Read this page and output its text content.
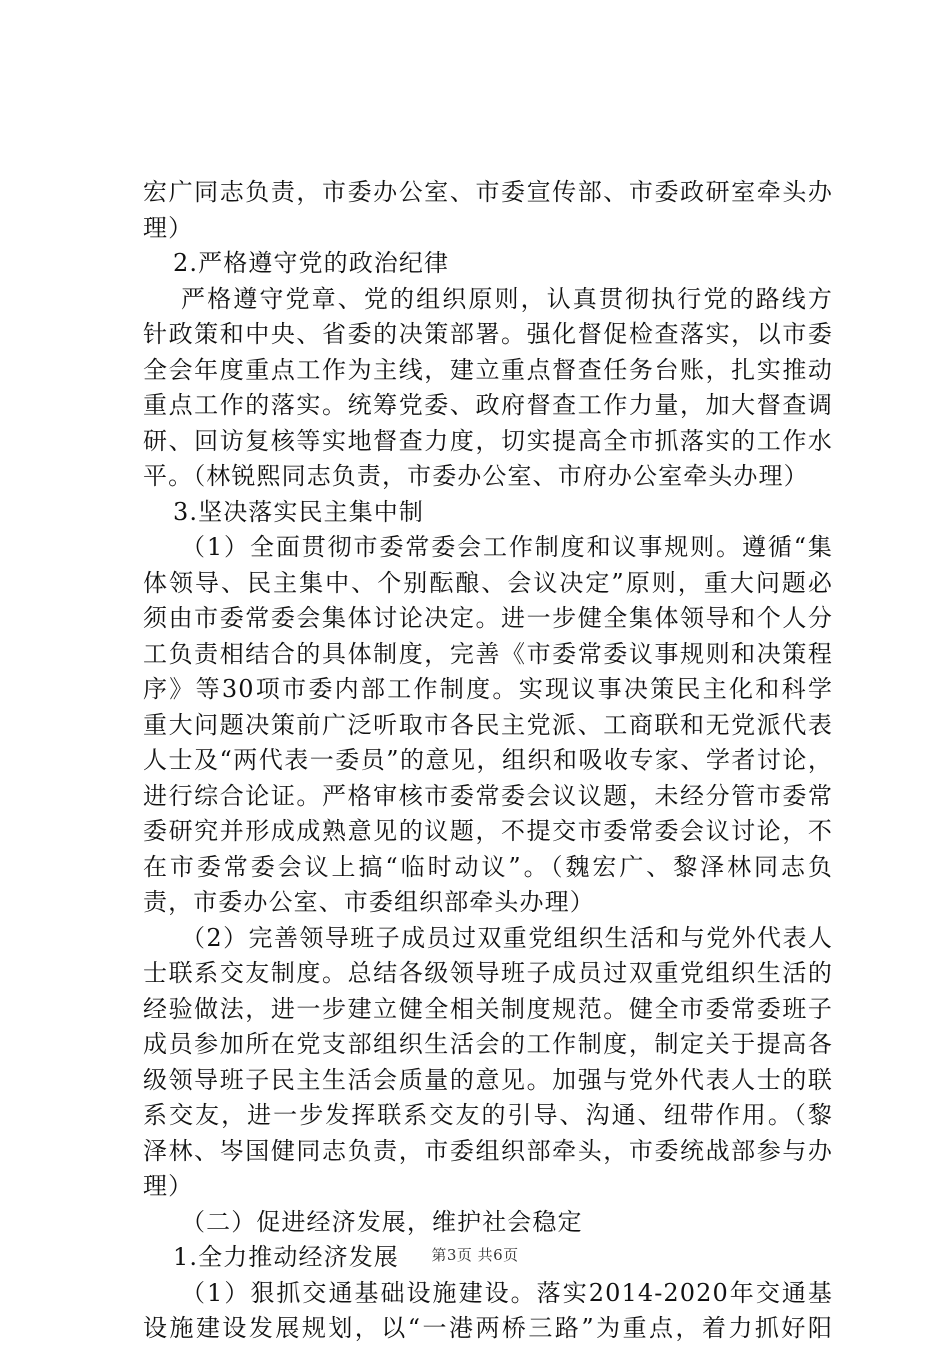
宏广同志负责，市委办公室、市委宣传部、市委政研室牵头办
理）
2.严格遵守党的政治纪律
严格遵守党章、党的组织原则，认真贯彻执行党的路线方
针政策和中央、省委的决策部署。强化督促检查落实，以市委
全会年度重点工作为主线，建立重点督查任务台账，扎实推动
重点工作的落实。统筹党委、政府督查工作力量，加大督查调
研、回访复核等实地督查力度，切实提高全市抓落实的工作水
平。（林锐熙同志负责，市委办公室、市府办公室牵头办理）
3.坚决落实民主集中制
（1）全面贯彻市委常委会工作制度和议事规则。遵循“集
体领导、民主集中、个别酝酿、会议决定”原则，重大问题必
须由市委常委会集体讨论决定。进一步健全集体领导和个人分
工负责相结合的具体制度，完善《市委常委议事规则和决策程
序》等30项市委内部工作制度。实现议事决策民主化和科学
重大问题决策前广泛听取市各民主党派、工商联和无党派代表
人士及“两代表一委员”的意见，组织和吸收专家、学者讨论，
进行综合论证。严格审核市委常委会议议题，未经分管市委常
委研究并形成成熟意见的议题，不提交市委常委会议讨论，不
在市委常委会议上搞“临时动议”。（魏宏广、黎泽林同志负
责，市委办公室、市委组织部牵头办理）
（2）完善领导班子成员过双重党组织生活和与党外代表人
士联系交友制度。总结各级领导班子成员过双重党组织生活的
经验做法，进一步建立健全相关制度规范。健全市委常委班子
成员参加所在党支部组织生活会的工作制度，制定关于提高各
级领导班子民主生活会质量的意见。加强与党外代表人士的联
系交友，进一步发挥联系交友的引导、沟通、纽带作用。（黎
泽林、岑国健同志负责，市委组织部牵头，市委统战部参与办
理）
（二）促进经济发展，维护社会稳定
1.全力推动经济发展
（1）狠抓交通基础设施建设。落实2014-2020年交通基
设施建设发展规划，以“一港两桥三路”为重点，着力抓好阳
第3页 共6页
